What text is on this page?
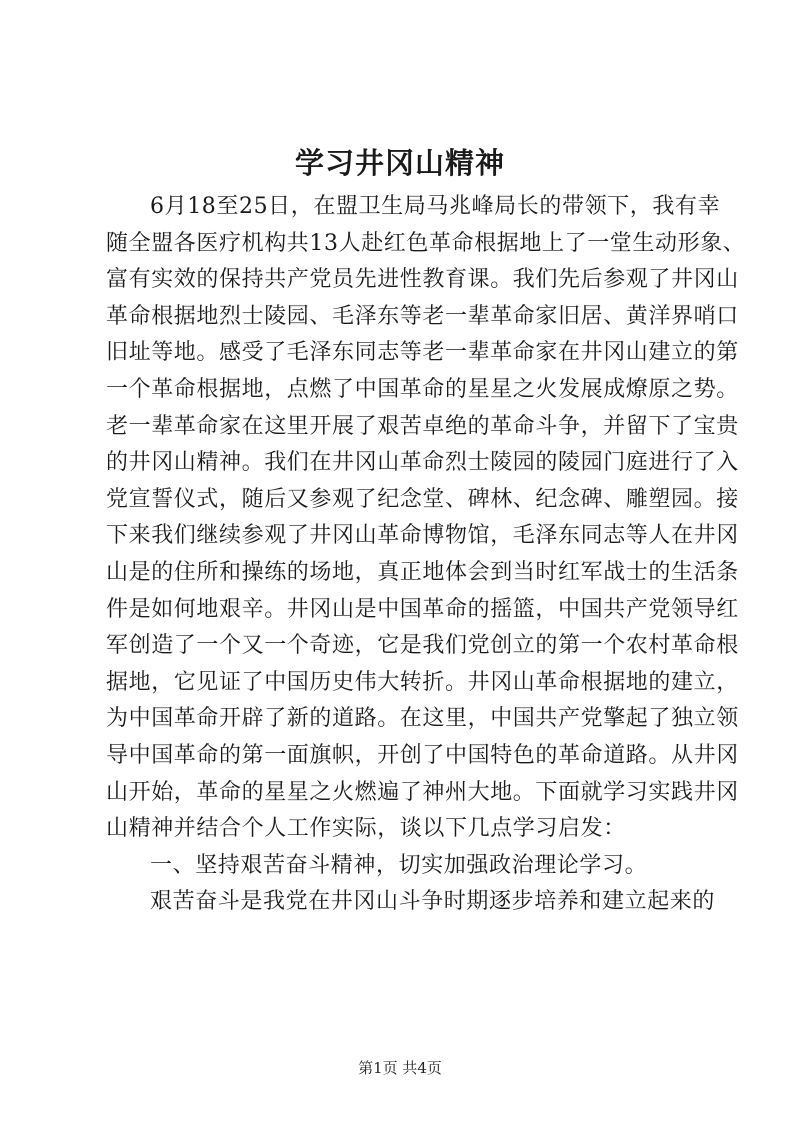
学习井冈山精神
6月18至25日，在盟卫生局马兆峰局长的带领下，我有幸
随全盟各医疗机构共13人赴红色革命根据地上了一堂生动形象、
富有实效的保持共产党员先进性教育课。我们先后参观了井冈山
革命根据地烈士陵园、毛泽东等老一辈革命家旧居、黄洋界哨口
旧址等地。感受了毛泽东同志等老一辈革命家在井冈山建立的第
一个革命根据地，点燃了中国革命的星星之火发展成燎原之势。
老一辈革命家在这里开展了艰苦卓绝的革命斗争，并留下了宝贵
的井冈山精神。我们在井冈山革命烈士陵园的陵园门庭进行了入
党宣誓仪式，随后又参观了纪念堂、碑林、纪念碑、雕塑园。接
下来我们继续参观了井冈山革命博物馆，毛泽东同志等人在井冈
山是的住所和操练的场地，真正地体会到当时红军战士的生活条
件是如何地艰辛。井冈山是中国革命的摇篮，中国共产党领导红
军创造了一个又一个奇迹，它是我们党创立的第一个农村革命根
据地，它见证了中国历史伟大转折。井冈山革命根据地的建立，
为中国革命开辟了新的道路。在这里，中国共产党擎起了独立领
导中国革命的第一面旗帜，开创了中国特色的革命道路。从井冈
山开始，革命的星星之火燃遍了神州大地。下面就学习实践井冈
山精神并结合个人工作实际，谈以下几点学习启发：
一、坚持艰苦奋斗精神，切实加强政治理论学习。
艰苦奋斗是我党在井冈山斗争时期逐步培养和建立起来的
第1页 共4页
